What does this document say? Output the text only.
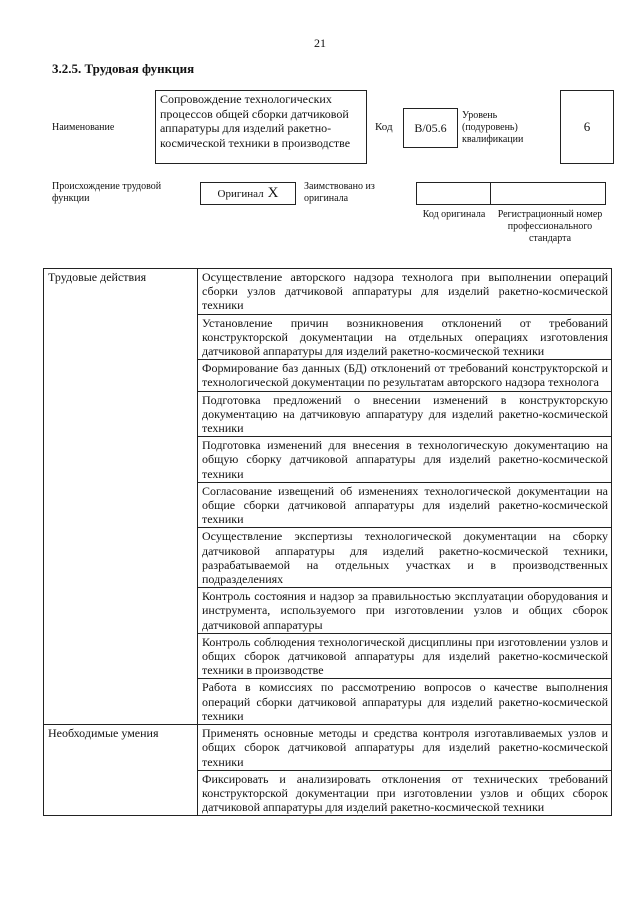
21
3.2.5. Трудовая функция
Наименование
Сопровождение технологических процессов общей сборки датчиковой аппаратуры для изделий ракетно-космической техники в производстве
Код	В/05.6
Уровень (подуровень) квалификации
6
Происхождение трудовой функции	Оригинал X	Заимствовано из оригинала
Код оригинала	Регистрационный номер профессионального стандарта
Трудовые действия	Осуществление авторского надзора технолога при выполнении операций сборки узлов датчиковой аппаратуры для изделий ракетно-космической техники
	Установление причин возникновения отклонений от требований конструкторской документации на отдельных операциях изготовления датчиковой аппаратуры для изделий ракетно-космической техники
	Формирование баз данных (БД) отклонений от требований конструкторской и технологической документации по результатам авторского надзора технолога
	Подготовка предложений о внесении изменений в конструкторскую документацию на датчиковую аппаратуру для изделий ракетно-космической техники
	Подготовка изменений для внесения в технологическую документацию на общую сборку датчиковой аппаратуры для изделий ракетно-космической техники
	Согласование извещений об изменениях технологической документации на общие сборки датчиковой аппаратуры для изделий ракетно-космической техники
	Осуществление экспертизы технологической документации на сборку датчиковой аппаратуры для изделий ракетно-космической техники, разрабатываемой на отдельных участках и в производственных подразделениях
	Контроль состояния и надзор за правильностью эксплуатации оборудования и инструмента, используемого при изготовлении узлов и общих сборок датчиковой аппаратуры
	Контроль соблюдения технологической дисциплины при изготовлении узлов и общих сборок датчиковой аппаратуры для изделий ракетно-космической техники в производстве
	Работа в комиссиях по рассмотрению вопросов о качестве выполнения операций сборки датчиковой аппаратуры для изделий ракетно-космической техники
Необходимые умения	Применять основные методы и средства контроля изготавливаемых узлов и общих сборок датчиковой аппаратуры для изделий ракетно-космической техники
	Фиксировать и анализировать отклонения от технических требований конструкторской документации при изготовлении узлов и общих сборок датчиковой аппаратуры для изделий ракетно-космической техники
